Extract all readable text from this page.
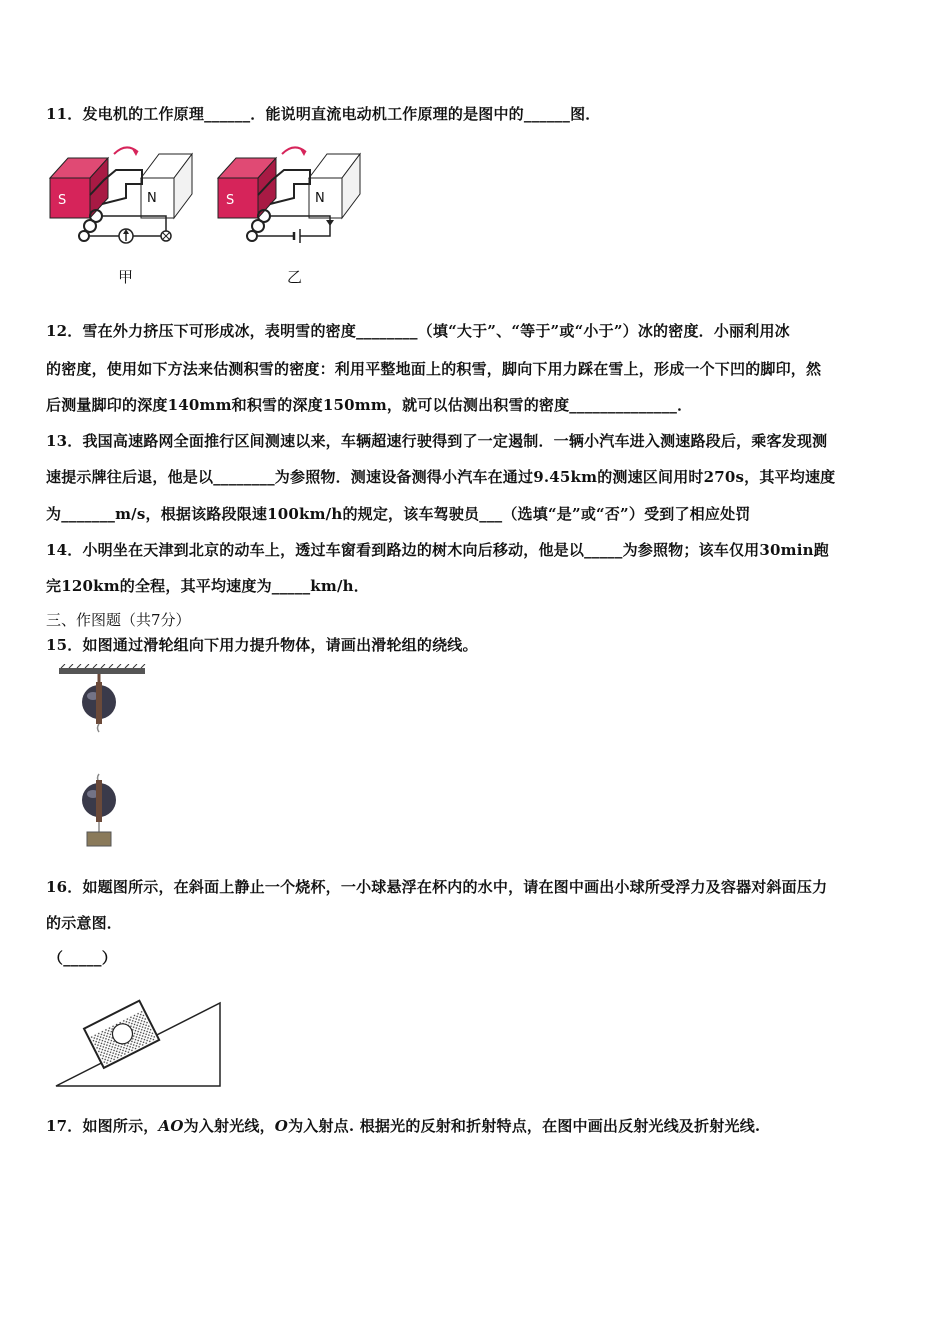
11．发电机的工作原理______．能说明直流电动机工作原理的是图中的______图．
S	N
甲
S	N
乙
12．雪在外力挤压下可形成冰，表明雪的密度________（填“大于”、“等于”或“小于”）冰的密度．小丽利用冰
的密度，使用如下方法来估测积雪的密度：利用平整地面上的积雪，脚向下用力踩在雪上，形成一个下凹的脚印，然
后测量脚印的深度140mm和积雪的深度150mm，就可以估测出积雪的密度______________．
13．我国高速路网全面推行区间测速以来，车辆超速行驶得到了一定遏制．一辆小汽车进入测速路段后，乘客发现测
速提示牌往后退，他是以________为参照物．测速设备测得小汽车在通过9.45km的测速区间用时270s，其平均速度
为_______m/s，根据该路段限速100km/h的规定，该车驾驶员___（选填“是”或“否”）受到了相应处罚
14．小明坐在天津到北京的动车上，透过车窗看到路边的树木向后移动，他是以_____为参照物；该车仅用30min跑
完120km的全程，其平均速度为_____km/h．
三、作图题（共7分）
15．如图通过滑轮组向下用力提升物体，请画出滑轮组的绕线。
16．如题图所示，在斜面上静止一个烧杯，一小球悬浮在杯内的水中，请在图中画出小球所受浮力及容器对斜面压力
的示意图．
（_____）
17．如图所示，AO为入射光线，O为入射点. 根据光的反射和折射特点，在图中画出反射光线及折射光线.
